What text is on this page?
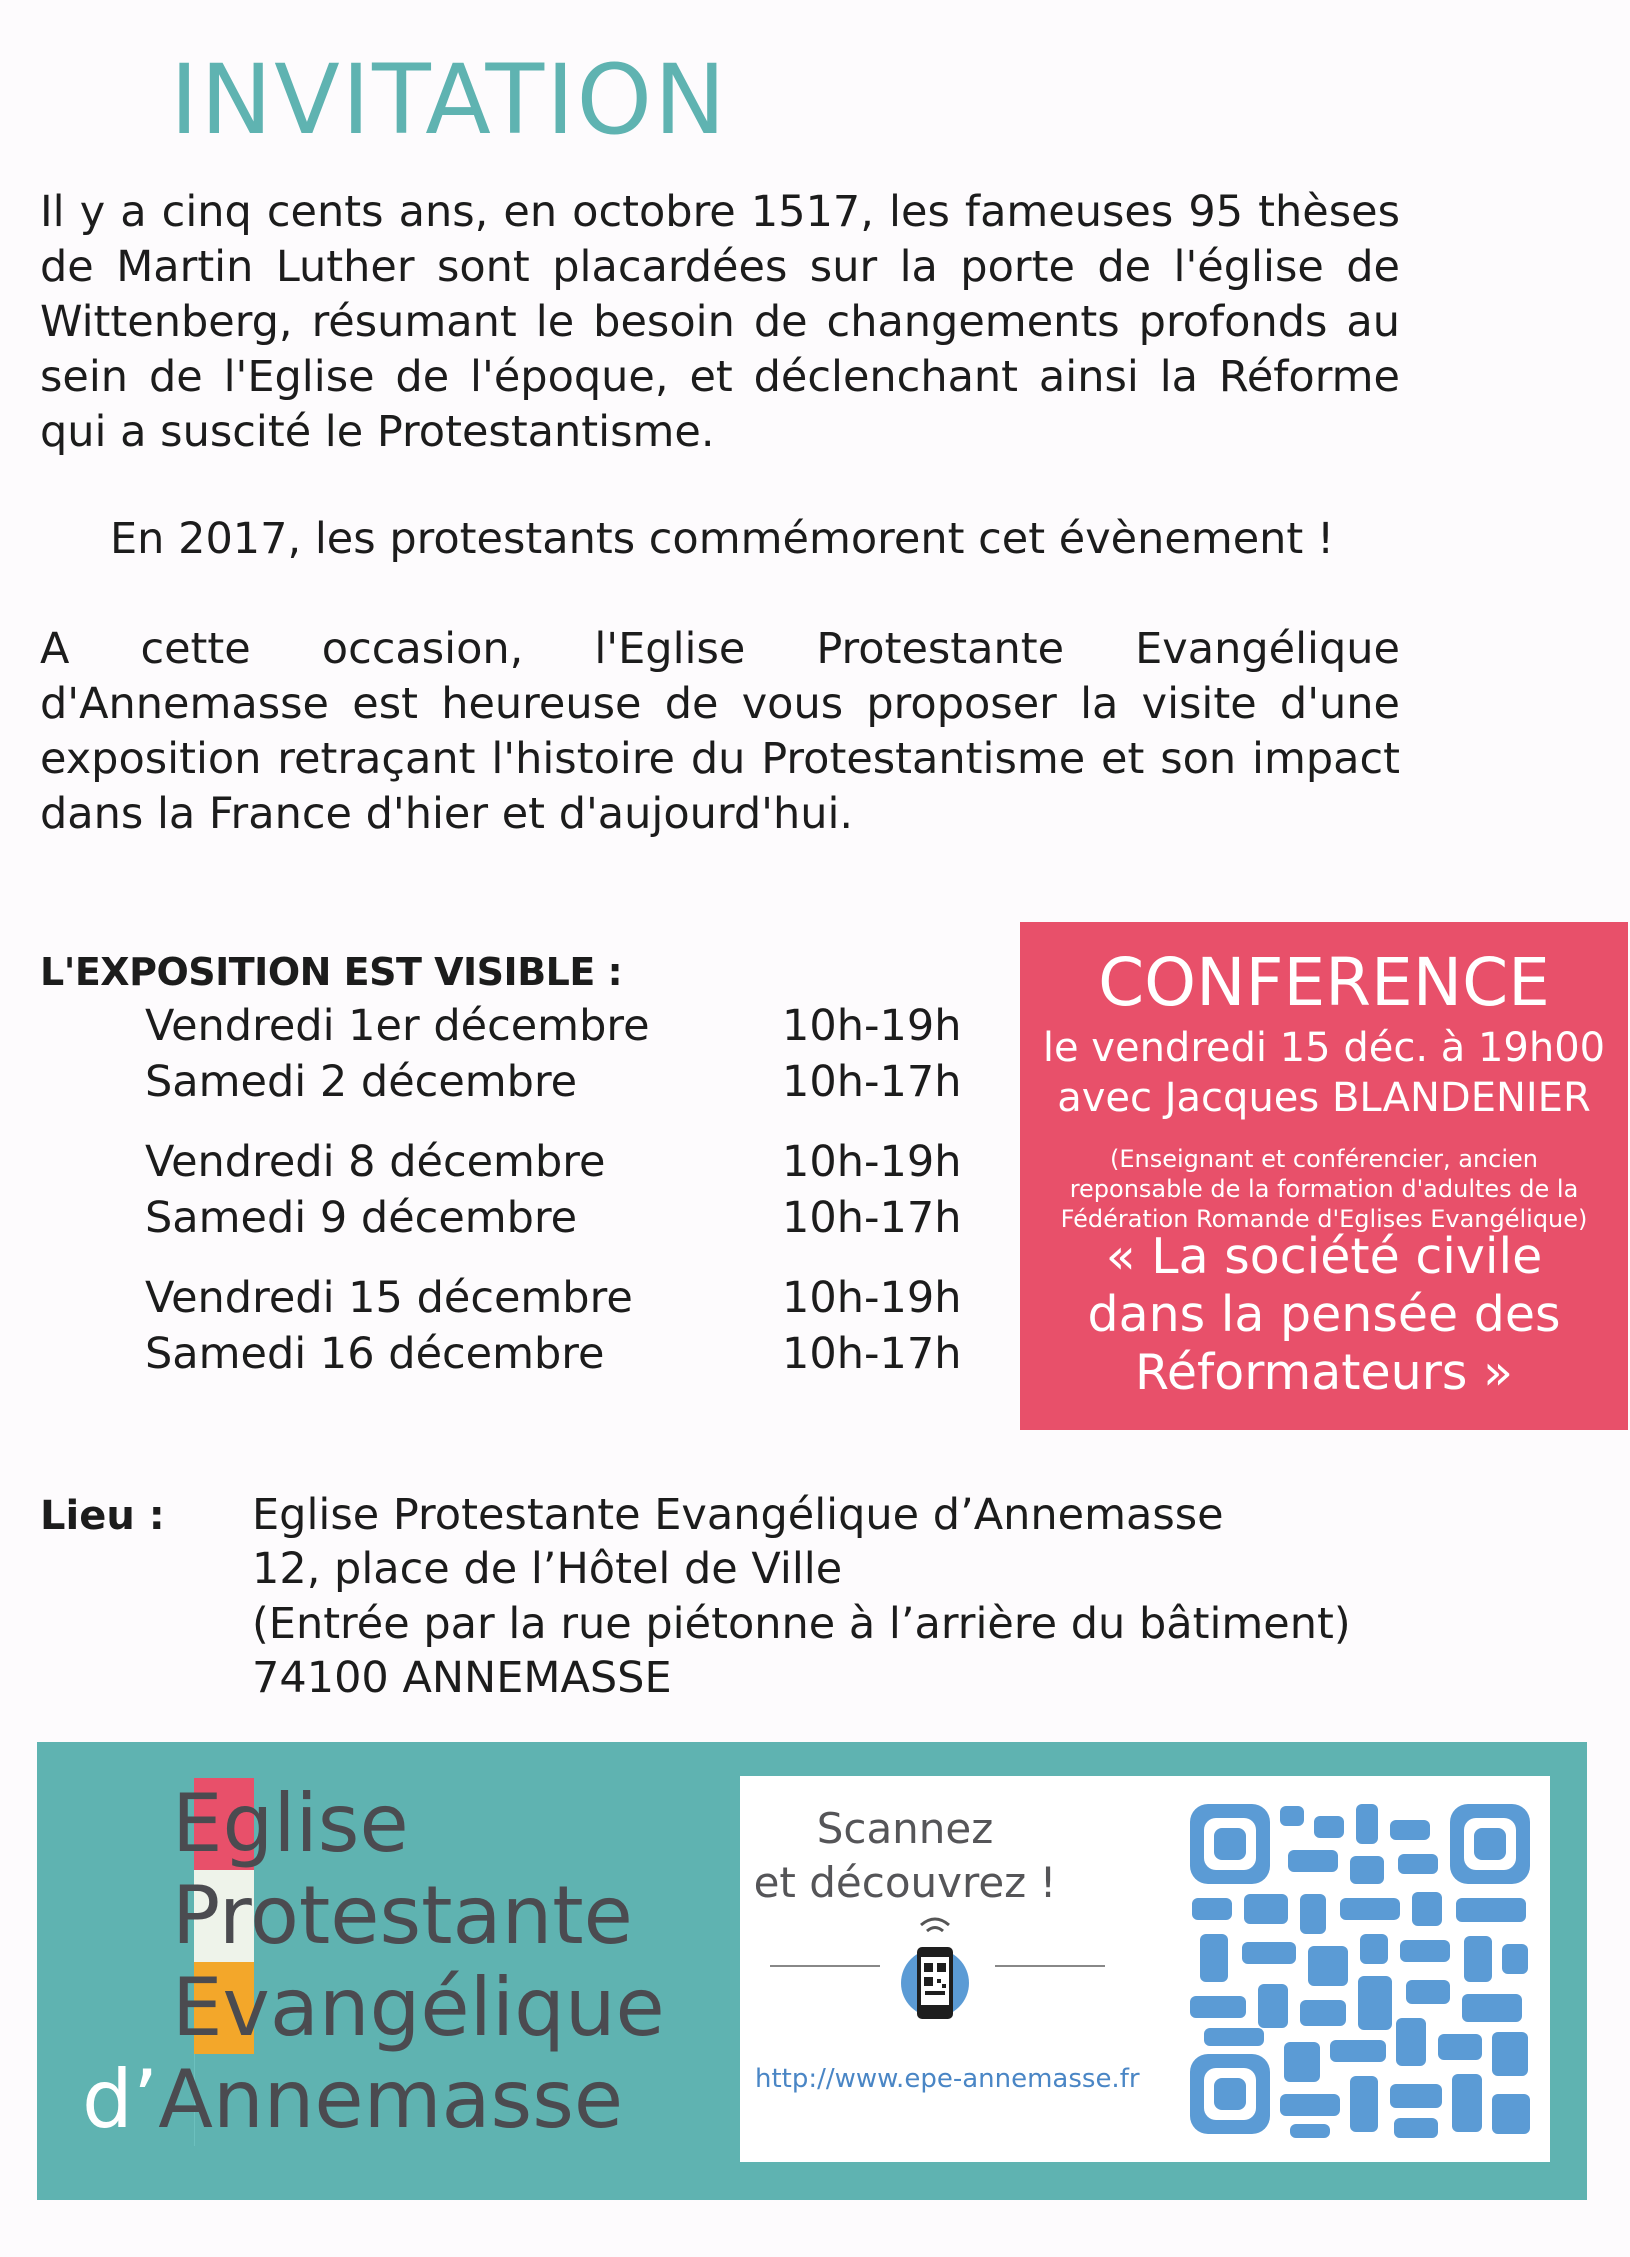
INVITATION
Il y a cinq cents ans, en octobre 1517, les fameuses 95 thèses de Martin Luther sont placardées sur la porte de l'église de Wittenberg, résumant le besoin de changements profonds au sein de l'Eglise de l'époque, et déclenchant ainsi la Réforme qui a suscité le Protestantisme.
En 2017, les protestants commémorent cet évènement !
A cette occasion, l'Eglise Protestante Evangélique d'Annemasse est heureuse de vous proposer la visite d'une exposition retraçant l'histoire du Protestantisme et son impact dans la France d'hier et d'aujourd'hui.
L'EXPOSITION EST VISIBLE :
Vendredi 1er décembre	10h-19h
Samedi 2 décembre	10h-17h
Vendredi 8 décembre	10h-19h
Samedi 9 décembre	10h-17h
Vendredi 15 décembre	10h-19h
Samedi 16 décembre	10h-17h
CONFERENCE
le vendredi 15 déc. à 19h00
avec Jacques BLANDENIER
(Enseignant et conférencier, ancien reponsable de la formation d'adultes de la Fédération Romande d'Eglises Evangélique)
« La société civile dans la pensée des Réformateurs »
Lieu : Eglise Protestante Evangélique d’Annemasse
12, place de l’Hôtel de Ville
(Entrée par la rue piétonne à l’arrière du bâtiment)
74100 ANNEMASSE
Eglise
Protestante
Evangélique
d’Annemasse
Scannez
et découvrez !
http://www.epe-annemasse.fr
